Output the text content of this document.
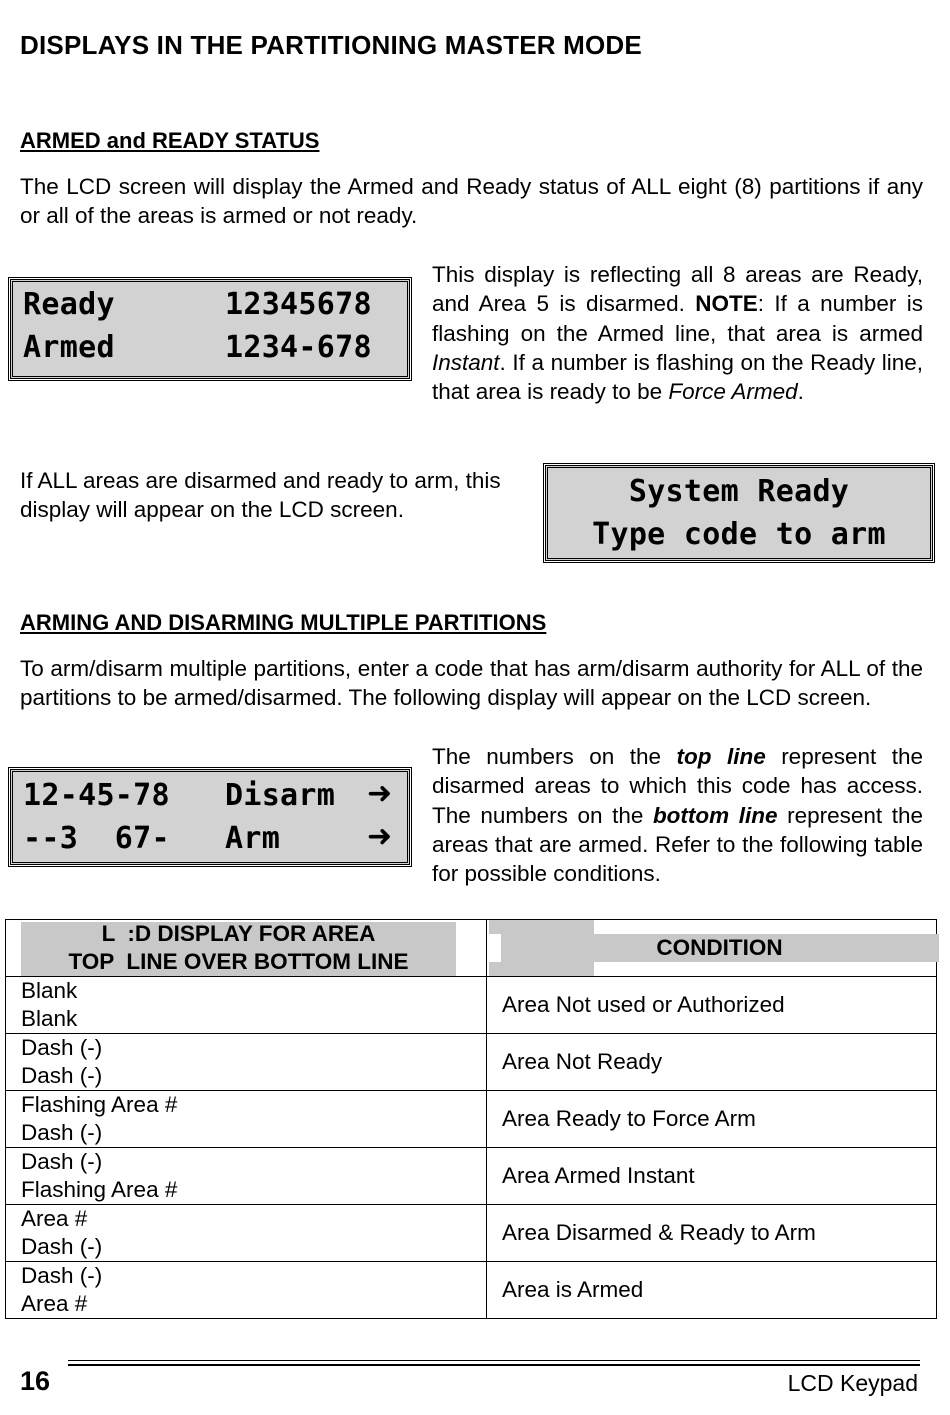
DISPLAYS IN THE PARTITIONING MASTER MODE

ARMED and READY STATUS

The LCD screen will display the Armed and Ready status of ALL eight (8) partitions if any or all of the areas is armed or not ready.

Ready      12345678
Armed      1234-678

This display is reflecting all 8 areas are Ready, and Area 5 is disarmed. NOTE: If a number is flashing on the Armed line, that area is armed Instant. If a number is flashing on the Ready line, that area is ready to be Force Armed.

If ALL areas are disarmed and ready to arm, this display will appear on the LCD screen.

System Ready
Type code to arm

ARMING AND DISARMING MULTIPLE PARTITIONS

To arm/disarm multiple partitions, enter a code that has arm/disarm authority for ALL of the partitions to be armed/disarmed. The following display will appear on the LCD screen.

12-45-78   Disarm ➜
--3  67-   Arm	➜

The numbers on the top line represent the disarmed areas to which this code has access. The numbers on the bottom line represent the areas that are armed. Refer to the following table for possible conditions.

L  :D DISPLAY FOR AREA
TOP  LINE OVER BOTTOM LINE	CONDITION

Blank
Blank	Area Not used or Authorized

Dash (-)
Dash (-)	Area Not Ready

Flashing Area #
Dash (-)	Area Ready to Force Arm

Dash (-)
Flashing Area #	Area Armed Instant

Area #
Dash (-)	Area Disarmed & Ready to Arm

Dash (-)
Area #	Area is Armed
16	LCD Keypad
